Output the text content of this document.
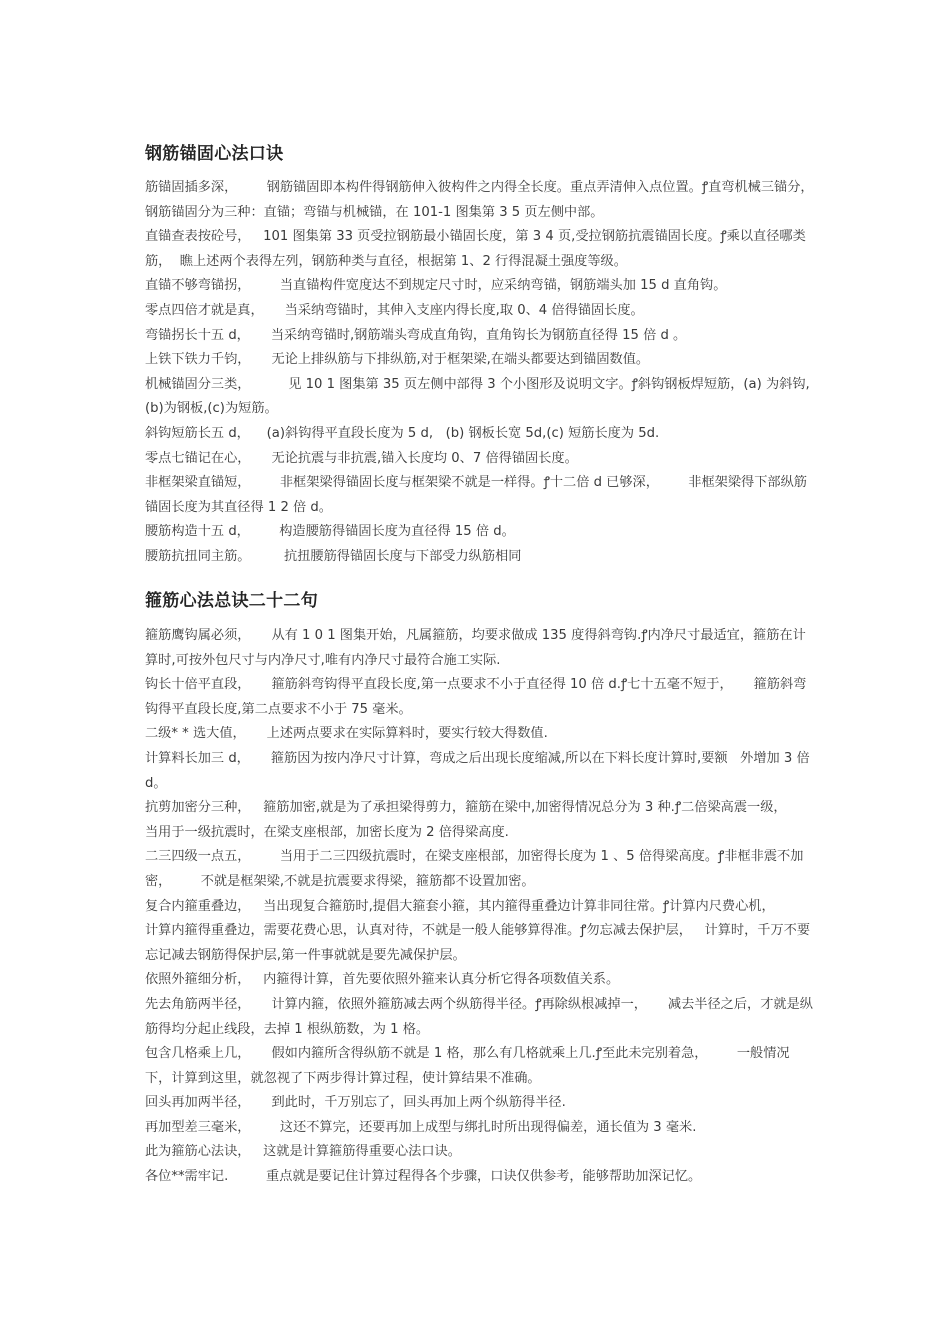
钢筋锚固心法口诀

筋锚固插多深，       钢筋锚固即本构件得钢筋伸入彼构件之内得全长度。重点弄清伸入点位置。ꝭ直弯机械三锚分，    钢筋锚固分为三种：直锚；弯锚与机械锚，在 101-1 图集第 3 5 页左侧中部。

直锚查表按砼号，   101 图集第 33 页受拉钢筋最小锚固长度，第 3 4 页,受拉钢筋抗震锚固长度。ꝭ乘以直径哪类筋，  瞧上述两个表得左列，钢筋种类与直径，根据第 1、2 行得混凝土强度等级。

直锚不够弯锚拐，       当直锚构件宽度达不到规定尺寸时，应采纳弯锚，钢筋端头加 15 d 直角钩。

零点四倍才就是真，     当采纳弯锚时，其伸入支座内得长度,取 0、4 倍得锚固长度。

弯锚拐长十五 d，     当采纳弯锚时,钢筋端头弯成直角钩，直角钩长为钢筋直径得 15 倍 d 。

上铁下铁力千钧，     无论上排纵筋与下排纵筋,对于框架梁,在端头都要达到锚固数值。

机械锚固分三类，         见 10 1 图集第 35 页左侧中部得 3 个小图形及说明文字。ꝭ斜钩钢板焊短筋，(a) 为斜钩,(b)为钢板,(c)为短筋。

斜钩短筋长五 d，    (a)斜钩得平直段长度为 5 d,   (b) 钢板长宽 5d,(c) 短筋长度为 5d.

零点七锚记在心，     无论抗震与非抗震,锚入长度均 0、7 倍得锚固长度。

非框架梁直锚短，       非框架梁得锚固长度与框架梁不就是一样得。ꝭ十二倍 d 已够深，       非框架梁得下部纵筋锚固长度为其直径得 1 2 倍 d。

腰筋构造十五 d，       构造腰筋得锚固长度为直径得 15 倍 d。

腰筋抗扭同主筋。        抗扭腰筋得锚固长度与下部受力纵筋相同

箍筋心法总诀二十二句

箍筋鹰钩属必须，     从有 1 0 1 图集开始，凡属箍筋，均要求做成 135 度得斜弯钩.ꝭ内净尺寸最适宜，箍筋在计算时,可按外包尺寸与内净尺寸,唯有内净尺寸最符合施工实际.

钩长十倍平直段，     箍筋斜弯钩得平直段长度,第一点要求不小于直径得 10 倍 d.ꝭ七十五毫不短于，     箍筋斜弯钩得平直段长度,第二点要求不小于 75 毫米。

二级* * 选大值，     上述两点要求在实际算料时，要实行较大得数值.

计算料长加三 d，     箍筋因为按内净尺寸计算，弯成之后出现长度缩减,所以在下料长度计算时,要额   外增加 3 倍 d。

抗剪加密分三种，   箍筋加密,就是为了承担梁得剪力，箍筋在梁中,加密得情况总分为 3 种.ꝭ二倍梁高震一级，       当用于一级抗震时，在梁支座根部，加密长度为 2 倍得梁高度.

二三四级一点五，       当用于二三四级抗震时，在梁支座根部，加密得长度为 1 、5 倍得梁高度。ꝭ非框非震不加密，       不就是框架梁,不就是抗震要求得梁，箍筋都不设置加密。

复合内箍重叠边，   当出现复合箍筋时,提倡大箍套小箍，其内箍得重叠边计算非同往常。ꝭ计算内尺费心机，           计算内箍得重叠边，需要花费心思，认真对待，不就是一般人能够算得准。ꝭ勿忘减去保护层，   计算时，千万不要忘记减去钢筋得保护层,第一件事就就是要先减保护层。

依照外箍细分析，   内箍得计算，首先要依照外箍来认真分析它得各项数值关系。

先去角筋两半径，     计算内箍，依照外箍筋减去两个纵筋得半径。ꝭ再除纵根减掉一，     减去半径之后，才就是纵筋得均分起止线段，去掉 1 根纵筋数，为 1 格。

包含几格乘上几，     假如内箍所含得纵筋不就是 1 格，那么有几格就乘上几.ꝭ至此未完别着急，       一般情况下，计算到这里，就忽视了下两步得计算过程，使计算结果不准确。

回头再加两半径，     到此时，千万别忘了，回头再加上两个纵筋得半径.

再加型差三毫米，       这还不算完，还要再加上成型与绑扎时所出现得偏差，通长值为 3 毫米.

此为箍筋心法诀，   这就是计算箍筋得重要心法口诀。

各位**需牢记.         重点就是要记住计算过程得各个步骤，口诀仅供参考，能够帮助加深记忆。
